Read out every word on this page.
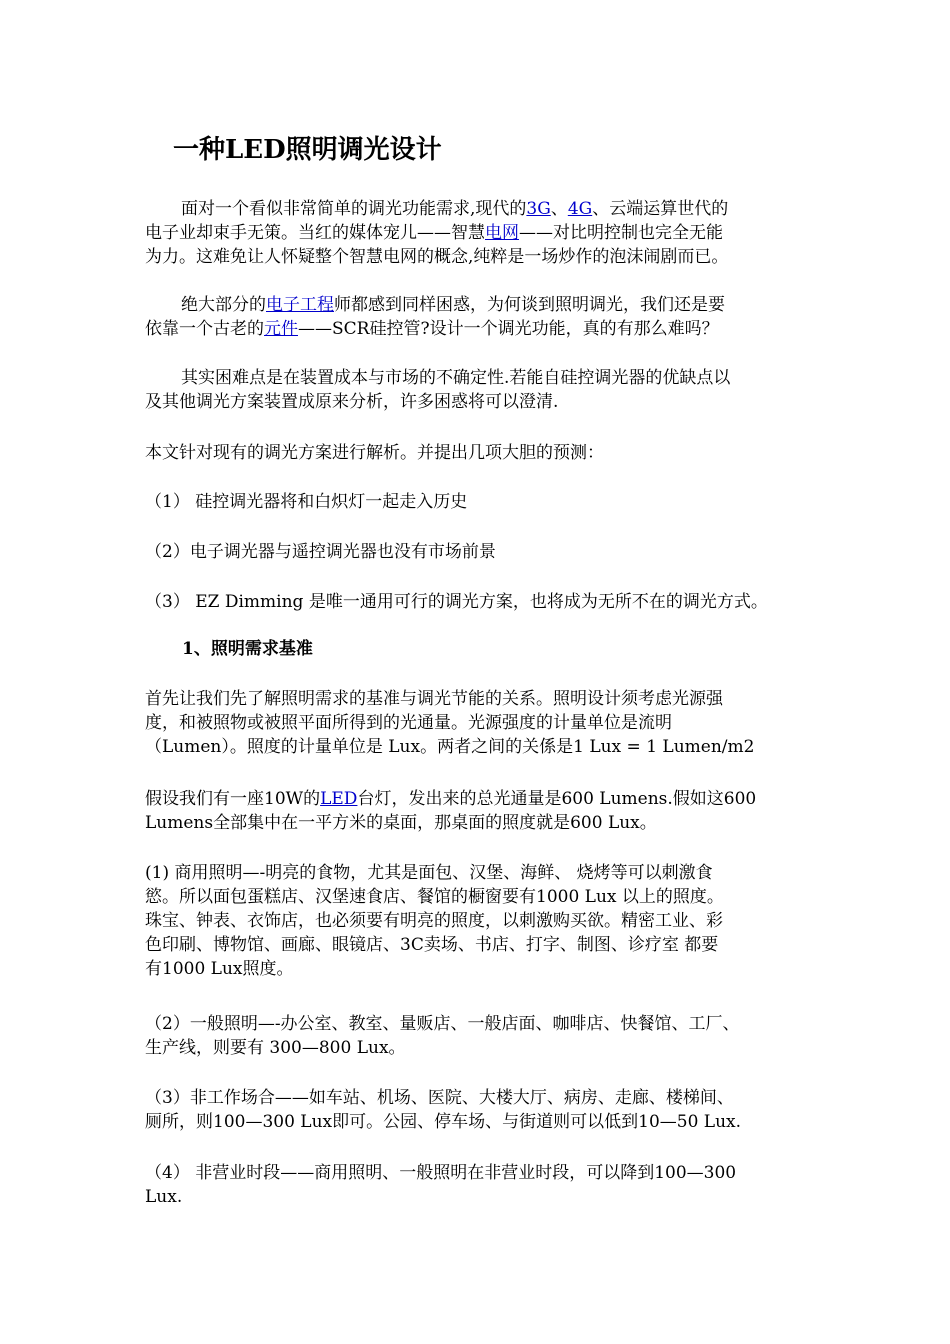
一种LED照明调光设计
面对一个看似非常简单的调光功能需求,现代的3G、4G、云端运算世代的
电子业却束手无策。当红的媒体宠儿——智慧电网——对比明控制也完全无能
为力。这难免让人怀疑整个智慧电网的概念,纯粹是一场炒作的泡沫闹剧而已。
绝大部分的电子工程师都感到同样困惑，为何谈到照明调光，我们还是要
依靠一个古老的元件——SCR硅控管?设计一个调光功能，真的有那么难吗？
其实困难点是在装置成本与市场的不确定性.若能自硅控调光器的优缺点以
及其他调光方案装置成原来分析，许多困惑将可以澄清.
本文针对现有的调光方案进行解析。并提出几项大胆的预测：
（1） 硅控调光器将和白炽灯一起走入历史
（2）电子调光器与遥控调光器也没有市场前景
（3） EZ Dimming 是唯一通用可行的调光方案，也将成为无所不在的调光方式。
1、照明需求基准
首先让我们先了解照明需求的基准与调光节能的关系。照明设计须考虑光源强
度，和被照物或被照平面所得到的光通量。光源强度的计量单位是流明
（Lumen）。照度的计量单位是 Lux。两者之间的关係是1 Lux = 1 Lumen/m2
假设我们有一座10W的LED台灯，发出来的总光通量是600 Lumens.假如这600
Lumens全部集中在一平方米的桌面，那桌面的照度就是600 Lux。
(1) 商用照明—-明亮的食物，尤其是面包、汉堡、海鲜、 烧烤等可以刺激食
慾。所以面包蛋糕店、汉堡速食店、餐馆的橱窗要有1000 Lux 以上的照度。
珠宝、钟表、衣饰店，也必须要有明亮的照度，以刺激购买欲。精密工业、彩
色印刷、博物馆、画廊、眼镜店、3C卖场、书店、打字、制图、诊疗室 都要
有1000 Lux照度。
（2）一般照明—-办公室、教室、量贩店、一般店面、咖啡店、快餐馆、工厂、
生产线，则要有 300—800 Lux。
（3）非工作场合——如车站、机场、医院、大楼大厅、病房、走廊、楼梯间、
厕所，则100—300 Lux即可。公园、停车场、与街道则可以低到10—50 Lux.
（4） 非营业时段——商用照明、一般照明在非营业时段，可以降到100—300
Lux.
